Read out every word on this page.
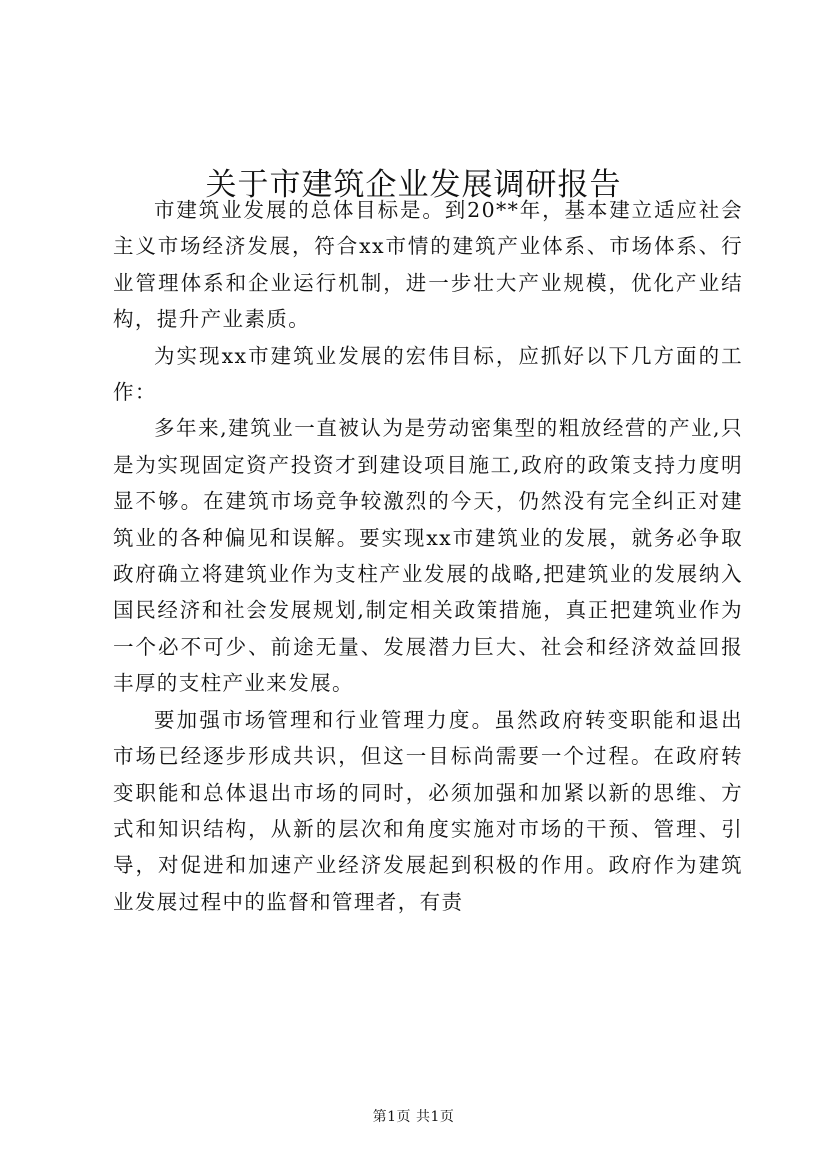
关于市建筑企业发展调研报告

市建筑业发展的总体目标是。到20**年，基本建立适应社会主义市场经济发展，符合xx市情的建筑产业体系、市场体系、行业管理体系和企业运行机制，进一步壮大产业规模，优化产业结构，提升产业素质。

为实现xx市建筑业发展的宏伟目标，应抓好以下几方面的工作：

多年来,建筑业一直被认为是劳动密集型的粗放经营的产业,只是为实现固定资产投资才到建设项目施工,政府的政策支持力度明显不够。在建筑市场竞争较激烈的今天，仍然没有完全纠正对建筑业的各种偏见和误解。要实现xx市建筑业的发展，就务必争取政府确立将建筑业作为支柱产业发展的战略,把建筑业的发展纳入国民经济和社会发展规划,制定相关政策措施，真正把建筑业作为一个必不可少、前途无量、发展潜力巨大、社会和经济效益回报丰厚的支柱产业来发展。

要加强市场管理和行业管理力度。虽然政府转变职能和退出市场已经逐步形成共识，但这一目标尚需要一个过程。在政府转变职能和总体退出市场的同时，必须加强和加紧以新的思维、方式和知识结构，从新的层次和角度实施对市场的干预、管理、引导，对促进和加速产业经济发展起到积极的作用。政府作为建筑业发展过程中的监督和管理者，有责

第1页 共1页
